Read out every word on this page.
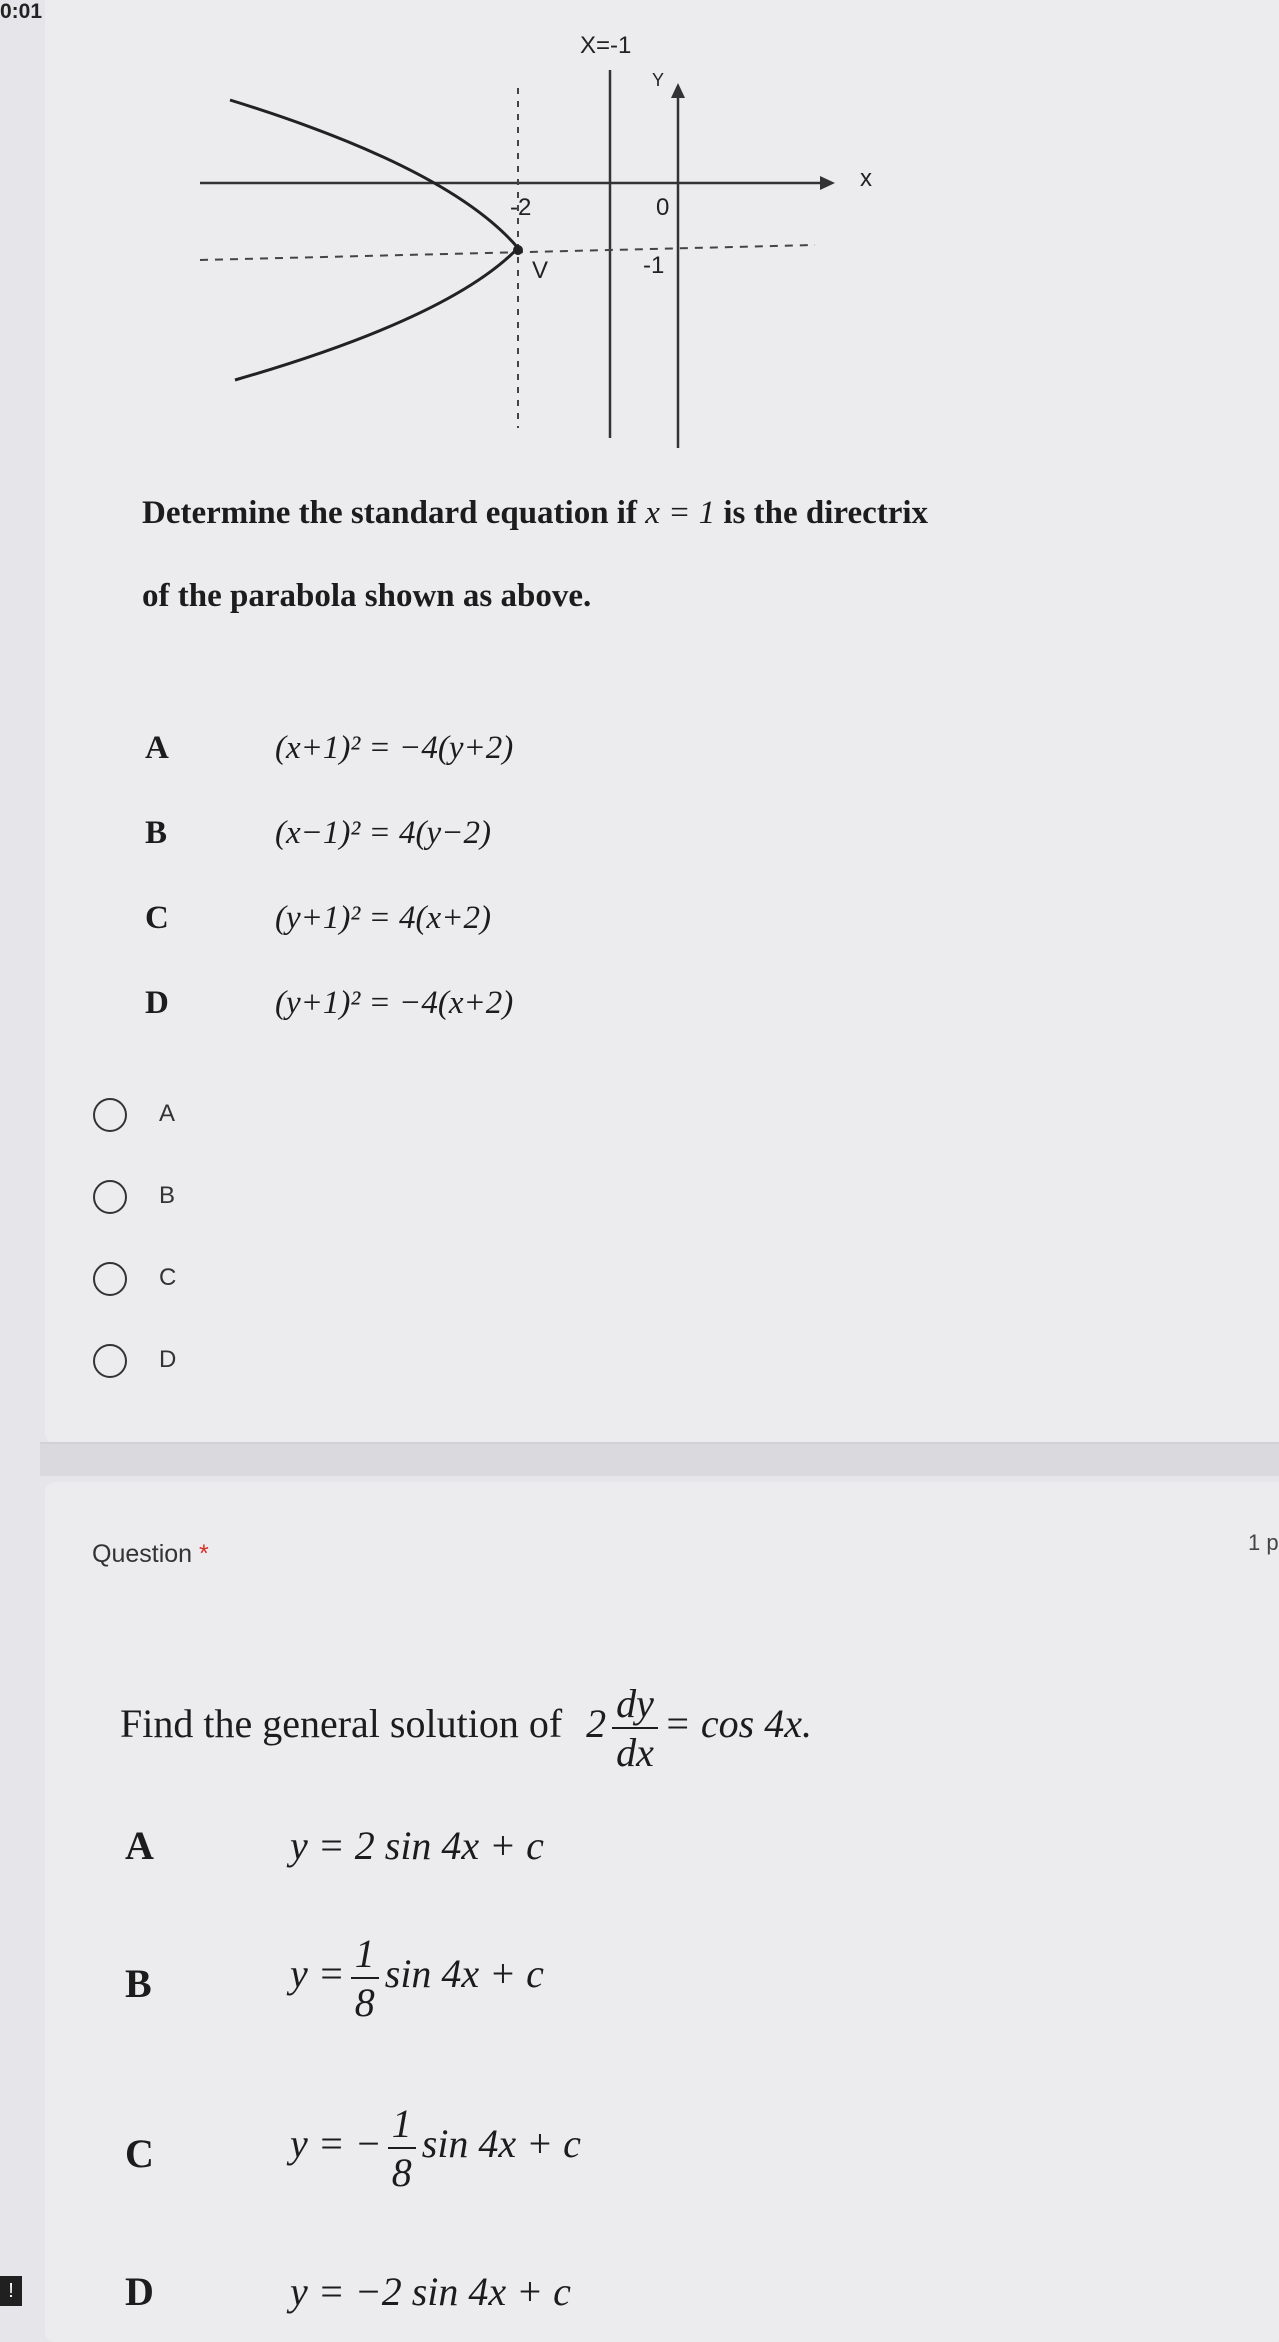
0:01
X=-1
Y
x
-2	0
V	-1
Determine the standard equation if x = 1 is the directrix
of the parabola shown as above.
A	(x+1)² = −4(y+2)
B	(x−1)² = 4(y−2)
C	(y+1)² = 4(x+2)
D	(y+1)² = −4(x+2)
A
B
C
D
Question *	1 p
Find the general solution of $2 \frac{dy}{dx} = \cos 4x$.
A	y = 2 sin 4x + c
B	$y = \frac{1}{8}$ sin 4x + c
C	y = − $\frac{1}{8}$ sin 4x + c
D	y = −2 sin 4x + c
!
